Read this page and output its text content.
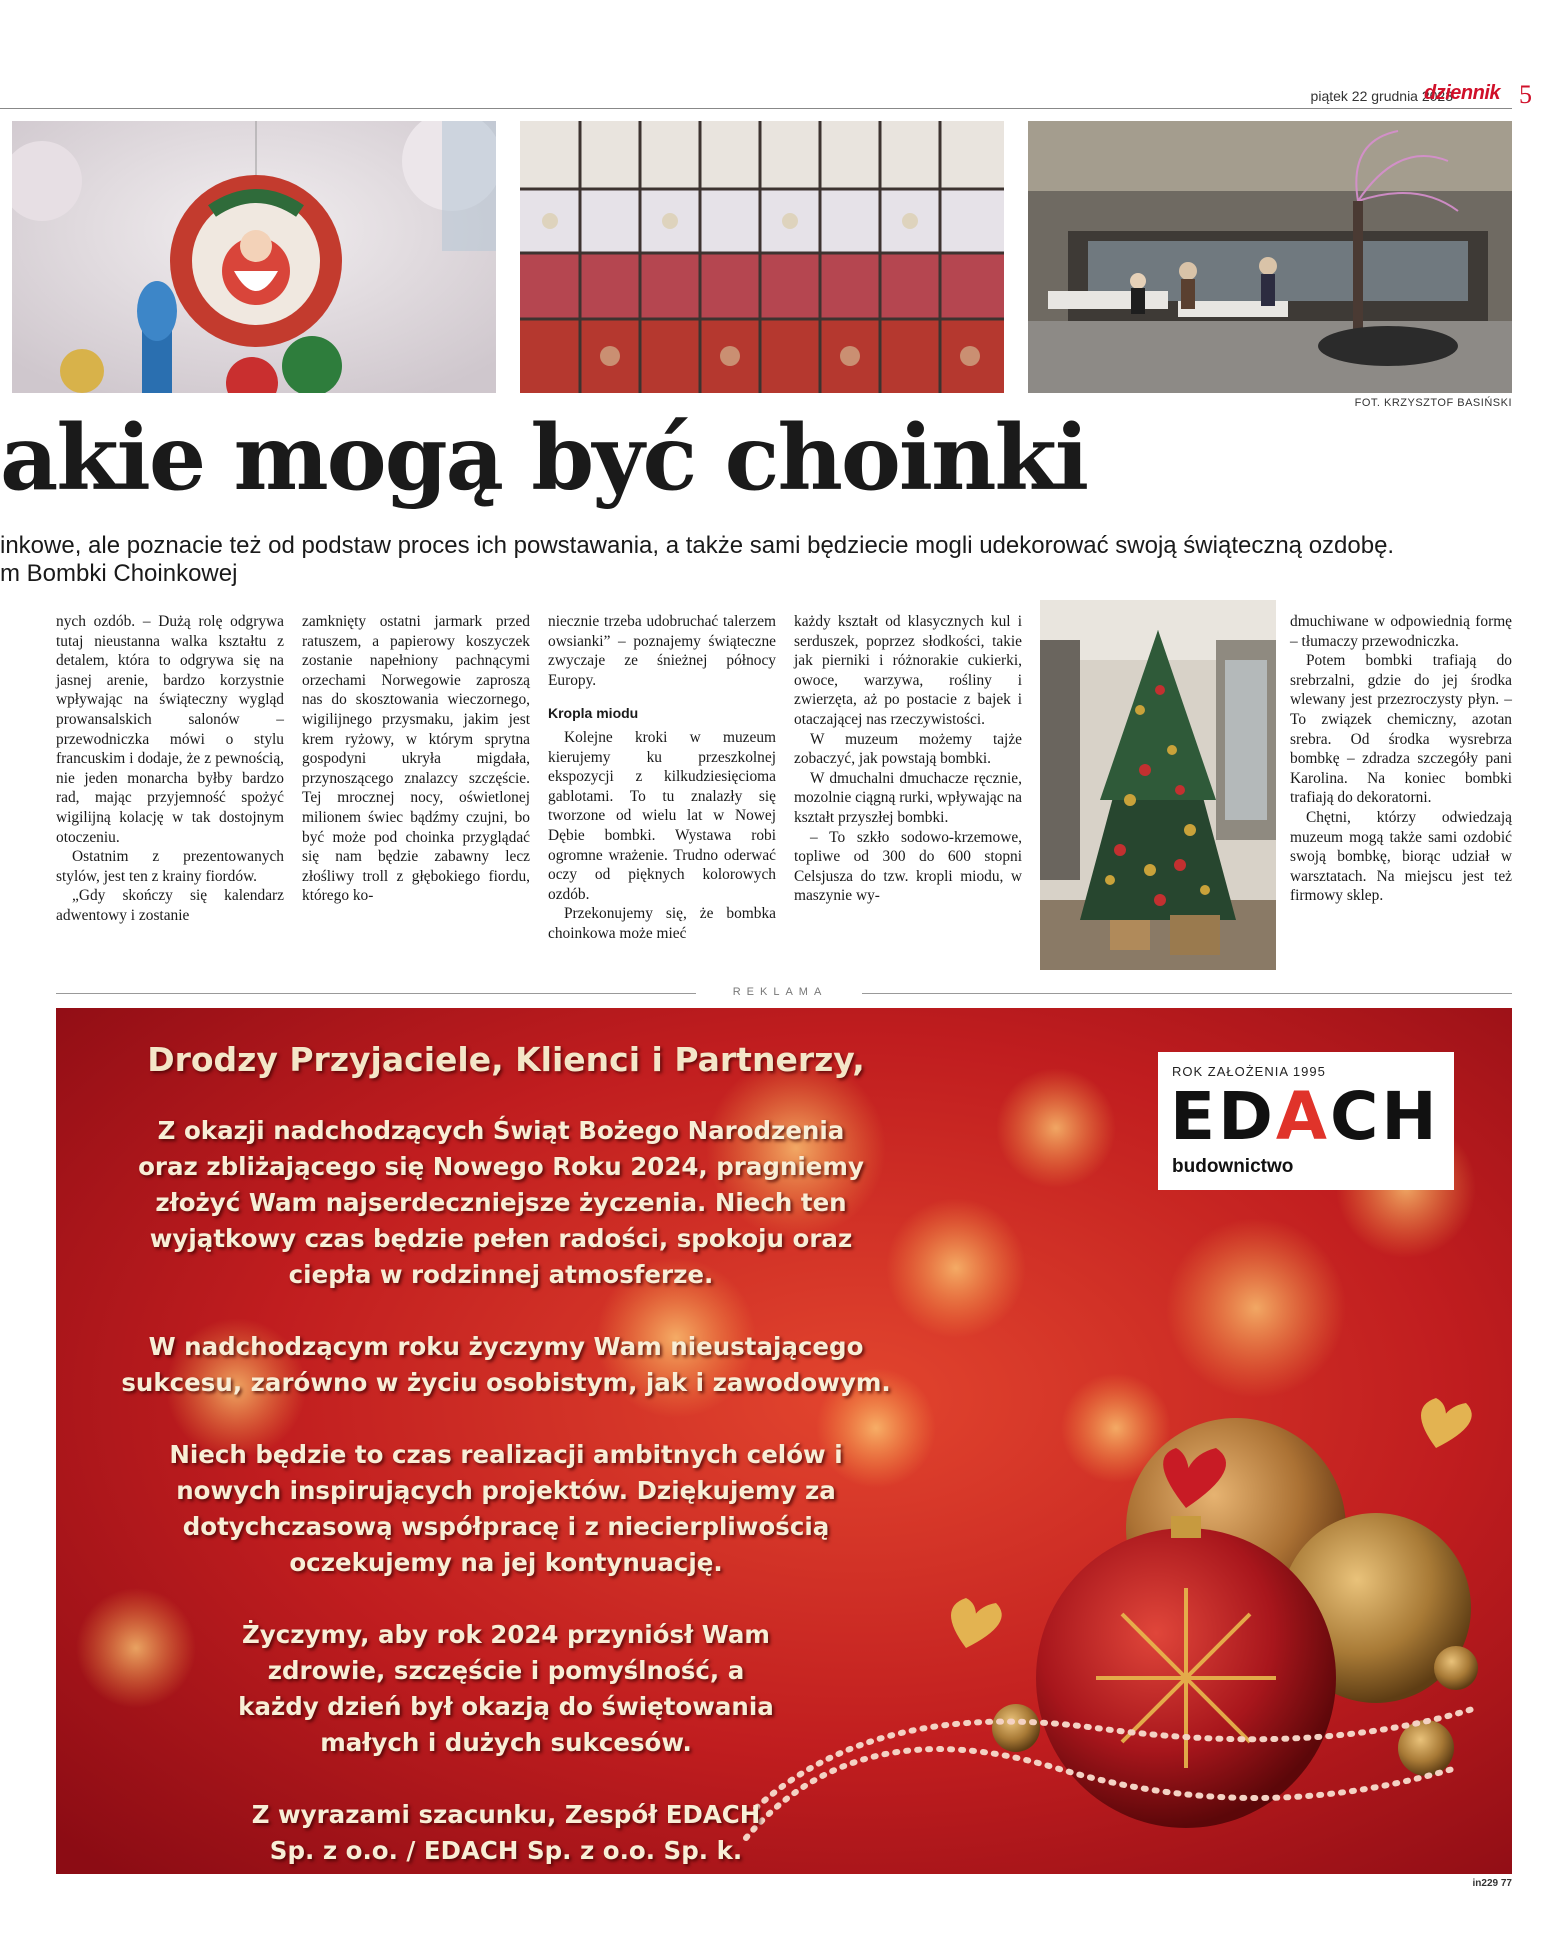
piątek 22 grudnia 2023
dziennik 5
FOT. KRZYSZTOF BASIŃSKI
akie mogą być choinki
inkowe, ale poznacie też od podstaw proces ich powstawania, a także sami będziecie mogli udekorować swoją świąteczną ozdobę.
m Bombki Choinkowej

nych ozdób. – Dużą rolę odgrywa tutaj nieustanna walka kształtu z detalem, która to odgrywa się na jasnej arenie, bardzo korzystnie wpływając na świąteczny wygląd prowansalskich salonów – przewodniczka mówi o stylu francuskim i dodaje, że z pewnością, nie jeden monarcha byłby bardzo rad, mając przyjemność spożyć wigilijną kolację w tak dostojnym otoczeniu.

Ostatnim z prezentowanych stylów, jest ten z krainy fiordów.

„Gdy skończy się kalendarz adwentowy i zostanie

zamknięty ostatni jarmark przed ratuszem, a papierowy koszyczek zostanie napełniony pachnącymi orzechami Norwegowie zaproszą nas do skosztowania wieczornego, wigilijnego przysmaku, jakim jest krem ryżowy, w którym sprytna gospodyni ukryła migdała, przynoszącego znalazcy szczęście. Tej mrocznej nocy, oświetlonej milionem świec bądźmy czujni, bo być może pod choinka przyglądać się nam będzie zabawny lecz złośliwy troll z głębokiego fiordu, którego ko-

niecznie trzeba udobruchać talerzem owsianki” – poznajemy świąteczne zwyczaje ze śnieżnej północy Europy.

Kropla miodu

Kolejne kroki w muzeum kierujemy ku przeszkolnej ekspozycji z kilkudziesięcioma gablotami. To tu znalazły się tworzone od wielu lat w Nowej Dębie bombki. Wystawa robi ogromne wrażenie. Trudno oderwać oczy od pięknych kolorowych ozdób.

Przekonujemy się, że bombka choinkowa może mieć

każdy kształt od klasycznych kul i serduszek, poprzez słodkości, takie jak pierniki i różnorakie cukierki, owoce, warzywa, rośliny i zwierzęta, aż po postacie z bajek i otaczającej nas rzeczywistości.

W muzeum możemy tajże zobaczyć, jak powstają bombki.

W dmuchalni dmuchacze ręcznie, mozolnie ciągną rurki, wpływając na kształt przyszłej bombki.

– To szkło sodowo-krzemowe, topliwe od 300 do 600 stopni Celsjusza do tzw. kropli miodu, w maszynie wy-

dmuchiwane w odpowiednią formę – tłumaczy przewodniczka.

Potem bombki trafiają do srebrzalni, gdzie do jej środka wlewany jest przezroczysty płyn. – To związek chemiczny, azotan srebra. Od środka wysrebrza bombkę – zdradza szczegóły pani Karolina. Na koniec bombki trafiają do dekoratorni.

Chętni, którzy odwiedzają muzeum mogą także sami ozdobić swoją bombkę, biorąc udział w warsztatach. Na miejscu jest też firmowy sklep.

REKLAMA
Drodzy Przyjaciele, Klienci i Partnerzy,

Z okazji nadchodzących Świąt Bożego Narodzenia oraz zbliżającego się Nowego Roku 2024, pragniemy złożyć Wam najserdeczniejsze życzenia. Niech ten wyjątkowy czas będzie pełen radości, spokoju oraz ciepła w rodzinnej atmosferze.

W nadchodzącym roku życzymy Wam nieustającego sukcesu, zarówno w życiu osobistym, jak i zawodowym.

Niech będzie to czas realizacji ambitnych celów i nowych inspirujących projektów. Dziękujemy za dotychczasową współpracę i z niecierpliwością oczekujemy na jej kontynuację.

Życzymy, aby rok 2024 przyniósł Wam zdrowie, szczęście i pomyślność, a każdy dzień był okazją do świętowania małych i dużych sukcesów.

Z wyrazami szacunku, Zespół EDACH Sp. z o.o. / EDACH Sp. z o.o. Sp. k.

ROK ZAŁOŻENIA 1995
EDACH
budownictwo
in229 77
